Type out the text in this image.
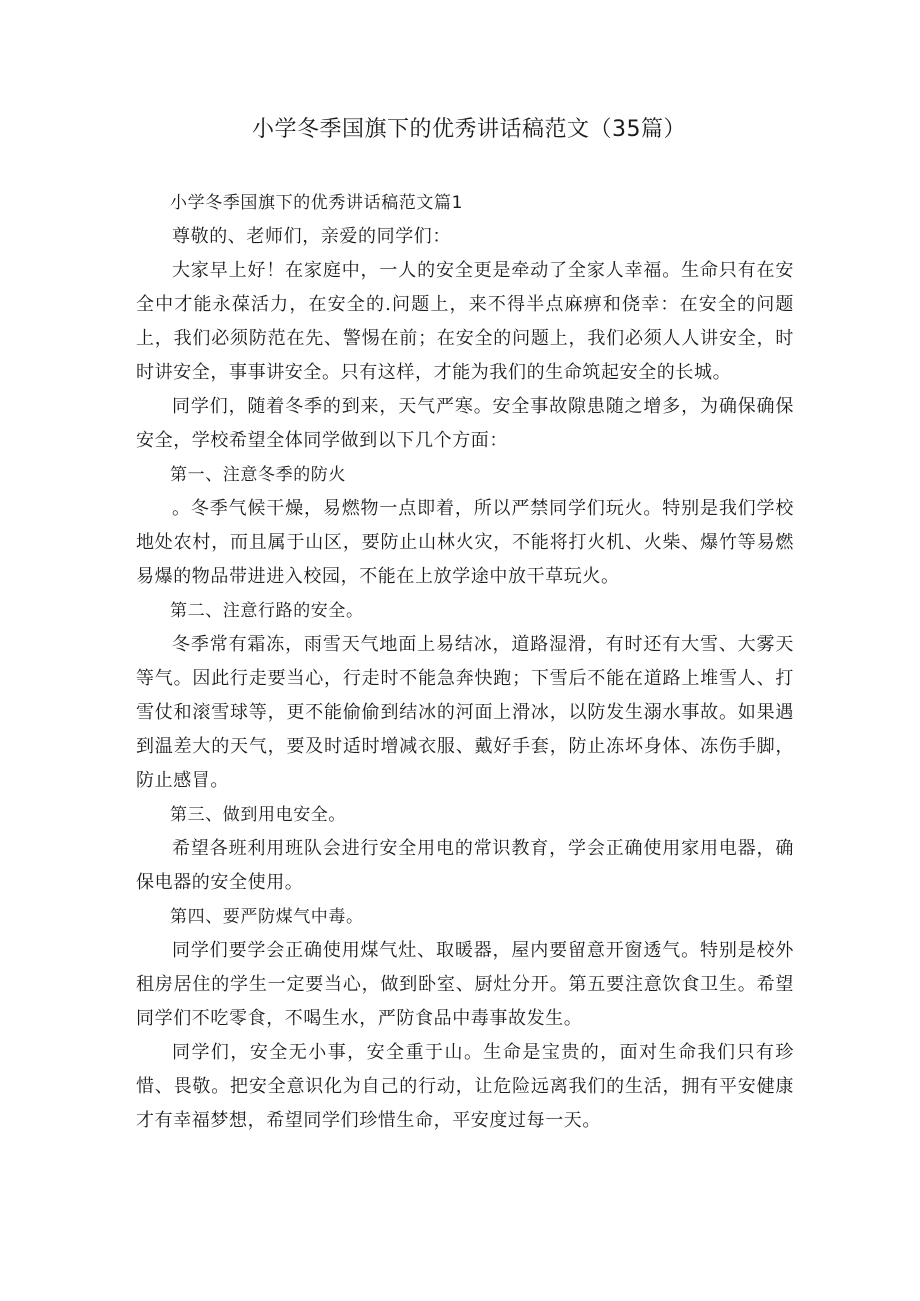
小学冬季国旗下的优秀讲话稿范文（35篇）

小学冬季国旗下的优秀讲话稿范文篇1

尊敬的、老师们，亲爱的同学们：

大家早上好！在家庭中，一人的安全更是牵动了全家人幸福。生命只有在安全中才能永葆活力，在安全的.问题上，来不得半点麻痹和侥幸：在安全的问题上，我们必须防范在先、警惕在前；在安全的问题上，我们必须人人讲安全，时时讲安全，事事讲安全。只有这样，才能为我们的生命筑起安全的长城。

同学们，随着冬季的到来，天气严寒。安全事故隙患随之增多，为确保确保安全，学校希望全体同学做到以下几个方面：

第一、注意冬季的防火

。冬季气候干燥，易燃物一点即着，所以严禁同学们玩火。特别是我们学校地处农村，而且属于山区，要防止山林火灾，不能将打火机、火柴、爆竹等易燃易爆的物品带进进入校园，不能在上放学途中放干草玩火。

第二、注意行路的安全。

冬季常有霜冻，雨雪天气地面上易结冰，道路湿滑，有时还有大雪、大雾天等气。因此行走要当心，行走时不能急奔快跑；下雪后不能在道路上堆雪人、打雪仗和滚雪球等，更不能偷偷到结冰的河面上滑冰，以防发生溺水事故。如果遇到温差大的天气，要及时适时增减衣服、戴好手套，防止冻坏身体、冻伤手脚，防止感冒。

第三、做到用电安全。

希望各班利用班队会进行安全用电的常识教育，学会正确使用家用电器，确保电器的安全使用。

第四、要严防煤气中毒。

同学们要学会正确使用煤气灶、取暖器，屋内要留意开窗透气。特别是校外租房居住的学生一定要当心，做到卧室、厨灶分开。第五要注意饮食卫生。希望同学们不吃零食，不喝生水，严防食品中毒事故发生。

同学们，安全无小事，安全重于山。生命是宝贵的，面对生命我们只有珍惜、畏敬。把安全意识化为自己的行动，让危险远离我们的生活，拥有平安健康才有幸福梦想，希望同学们珍惜生命，平安度过每一天。
